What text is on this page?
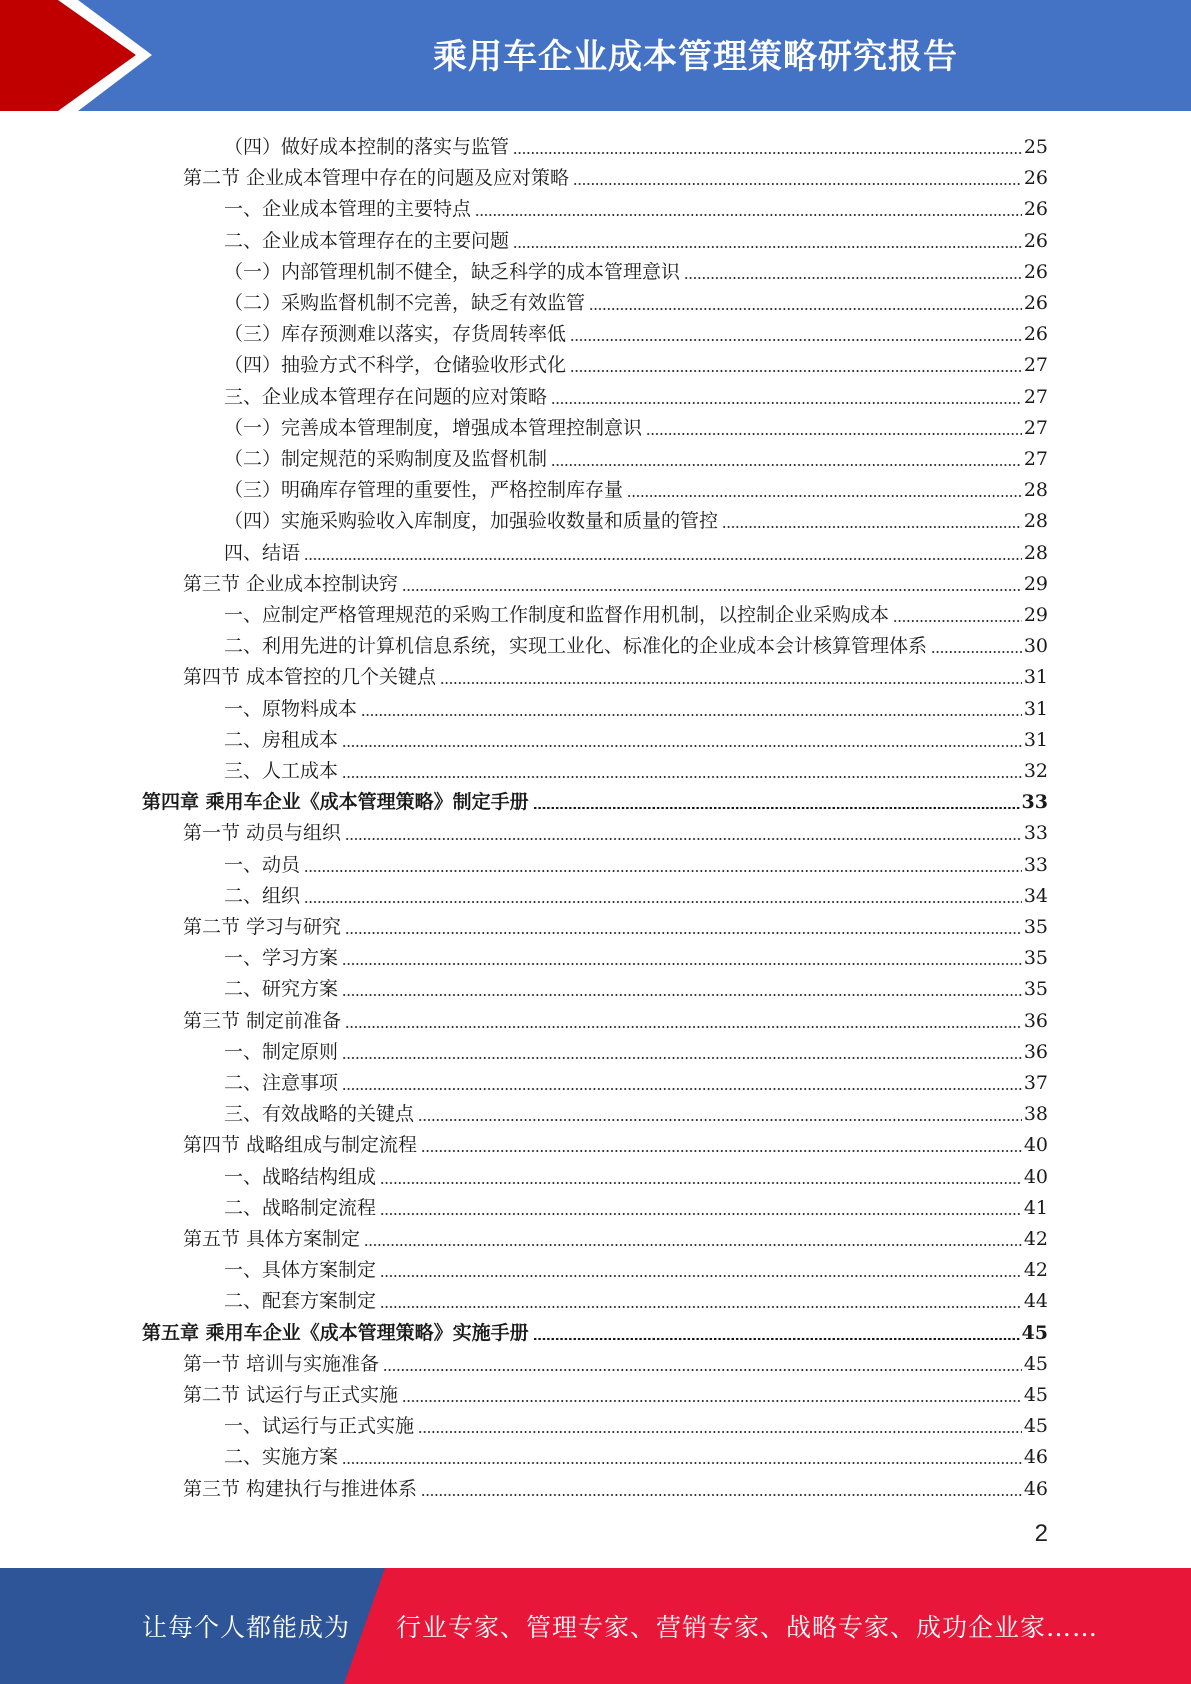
乘用车企业成本管理策略研究报告
（四）做好成本控制的落实与监管	25
第二节 企业成本管理中存在的问题及应对策略	26
一、企业成本管理的主要特点	26
二、企业成本管理存在的主要问题	26
（一）内部管理机制不健全，缺乏科学的成本管理意识	26
（二）采购监督机制不完善，缺乏有效监管	26
（三）库存预测难以落实，存货周转率低	26
（四）抽验方式不科学，仓储验收形式化	27
三、企业成本管理存在问题的应对策略	27
（一）完善成本管理制度，增强成本管理控制意识	27
（二）制定规范的采购制度及监督机制	27
（三）明确库存管理的重要性，严格控制库存量	28
（四）实施采购验收入库制度，加强验收数量和质量的管控	28
四、结语	28
第三节 企业成本控制诀窍	29
一、应制定严格管理规范的采购工作制度和监督作用机制，以控制企业采购成本	29
二、利用先进的计算机信息系统，实现工业化、标准化的企业成本会计核算管理体系	30
第四节 成本管控的几个关键点	31
一、原物料成本	31
二、房租成本	31
三、人工成本	32
第四章 乘用车企业《成本管理策略》制定手册	33
第一节 动员与组织	33
一、动员	33
二、组织	34
第二节 学习与研究	35
一、学习方案	35
二、研究方案	35
第三节 制定前准备	36
一、制定原则	36
二、注意事项	37
三、有效战略的关键点	38
第四节 战略组成与制定流程	40
一、战略结构组成	40
二、战略制定流程	41
第五节 具体方案制定	42
一、具体方案制定	42
二、配套方案制定	44
第五章 乘用车企业《成本管理策略》实施手册	45
第一节 培训与实施准备	45
第二节 试运行与正式实施	45
一、试运行与正式实施	45
二、实施方案	46
第三节 构建执行与推进体系	46
2
让每个人都能成为 行业专家、管理专家、营销专家、战略专家、成功企业家……
